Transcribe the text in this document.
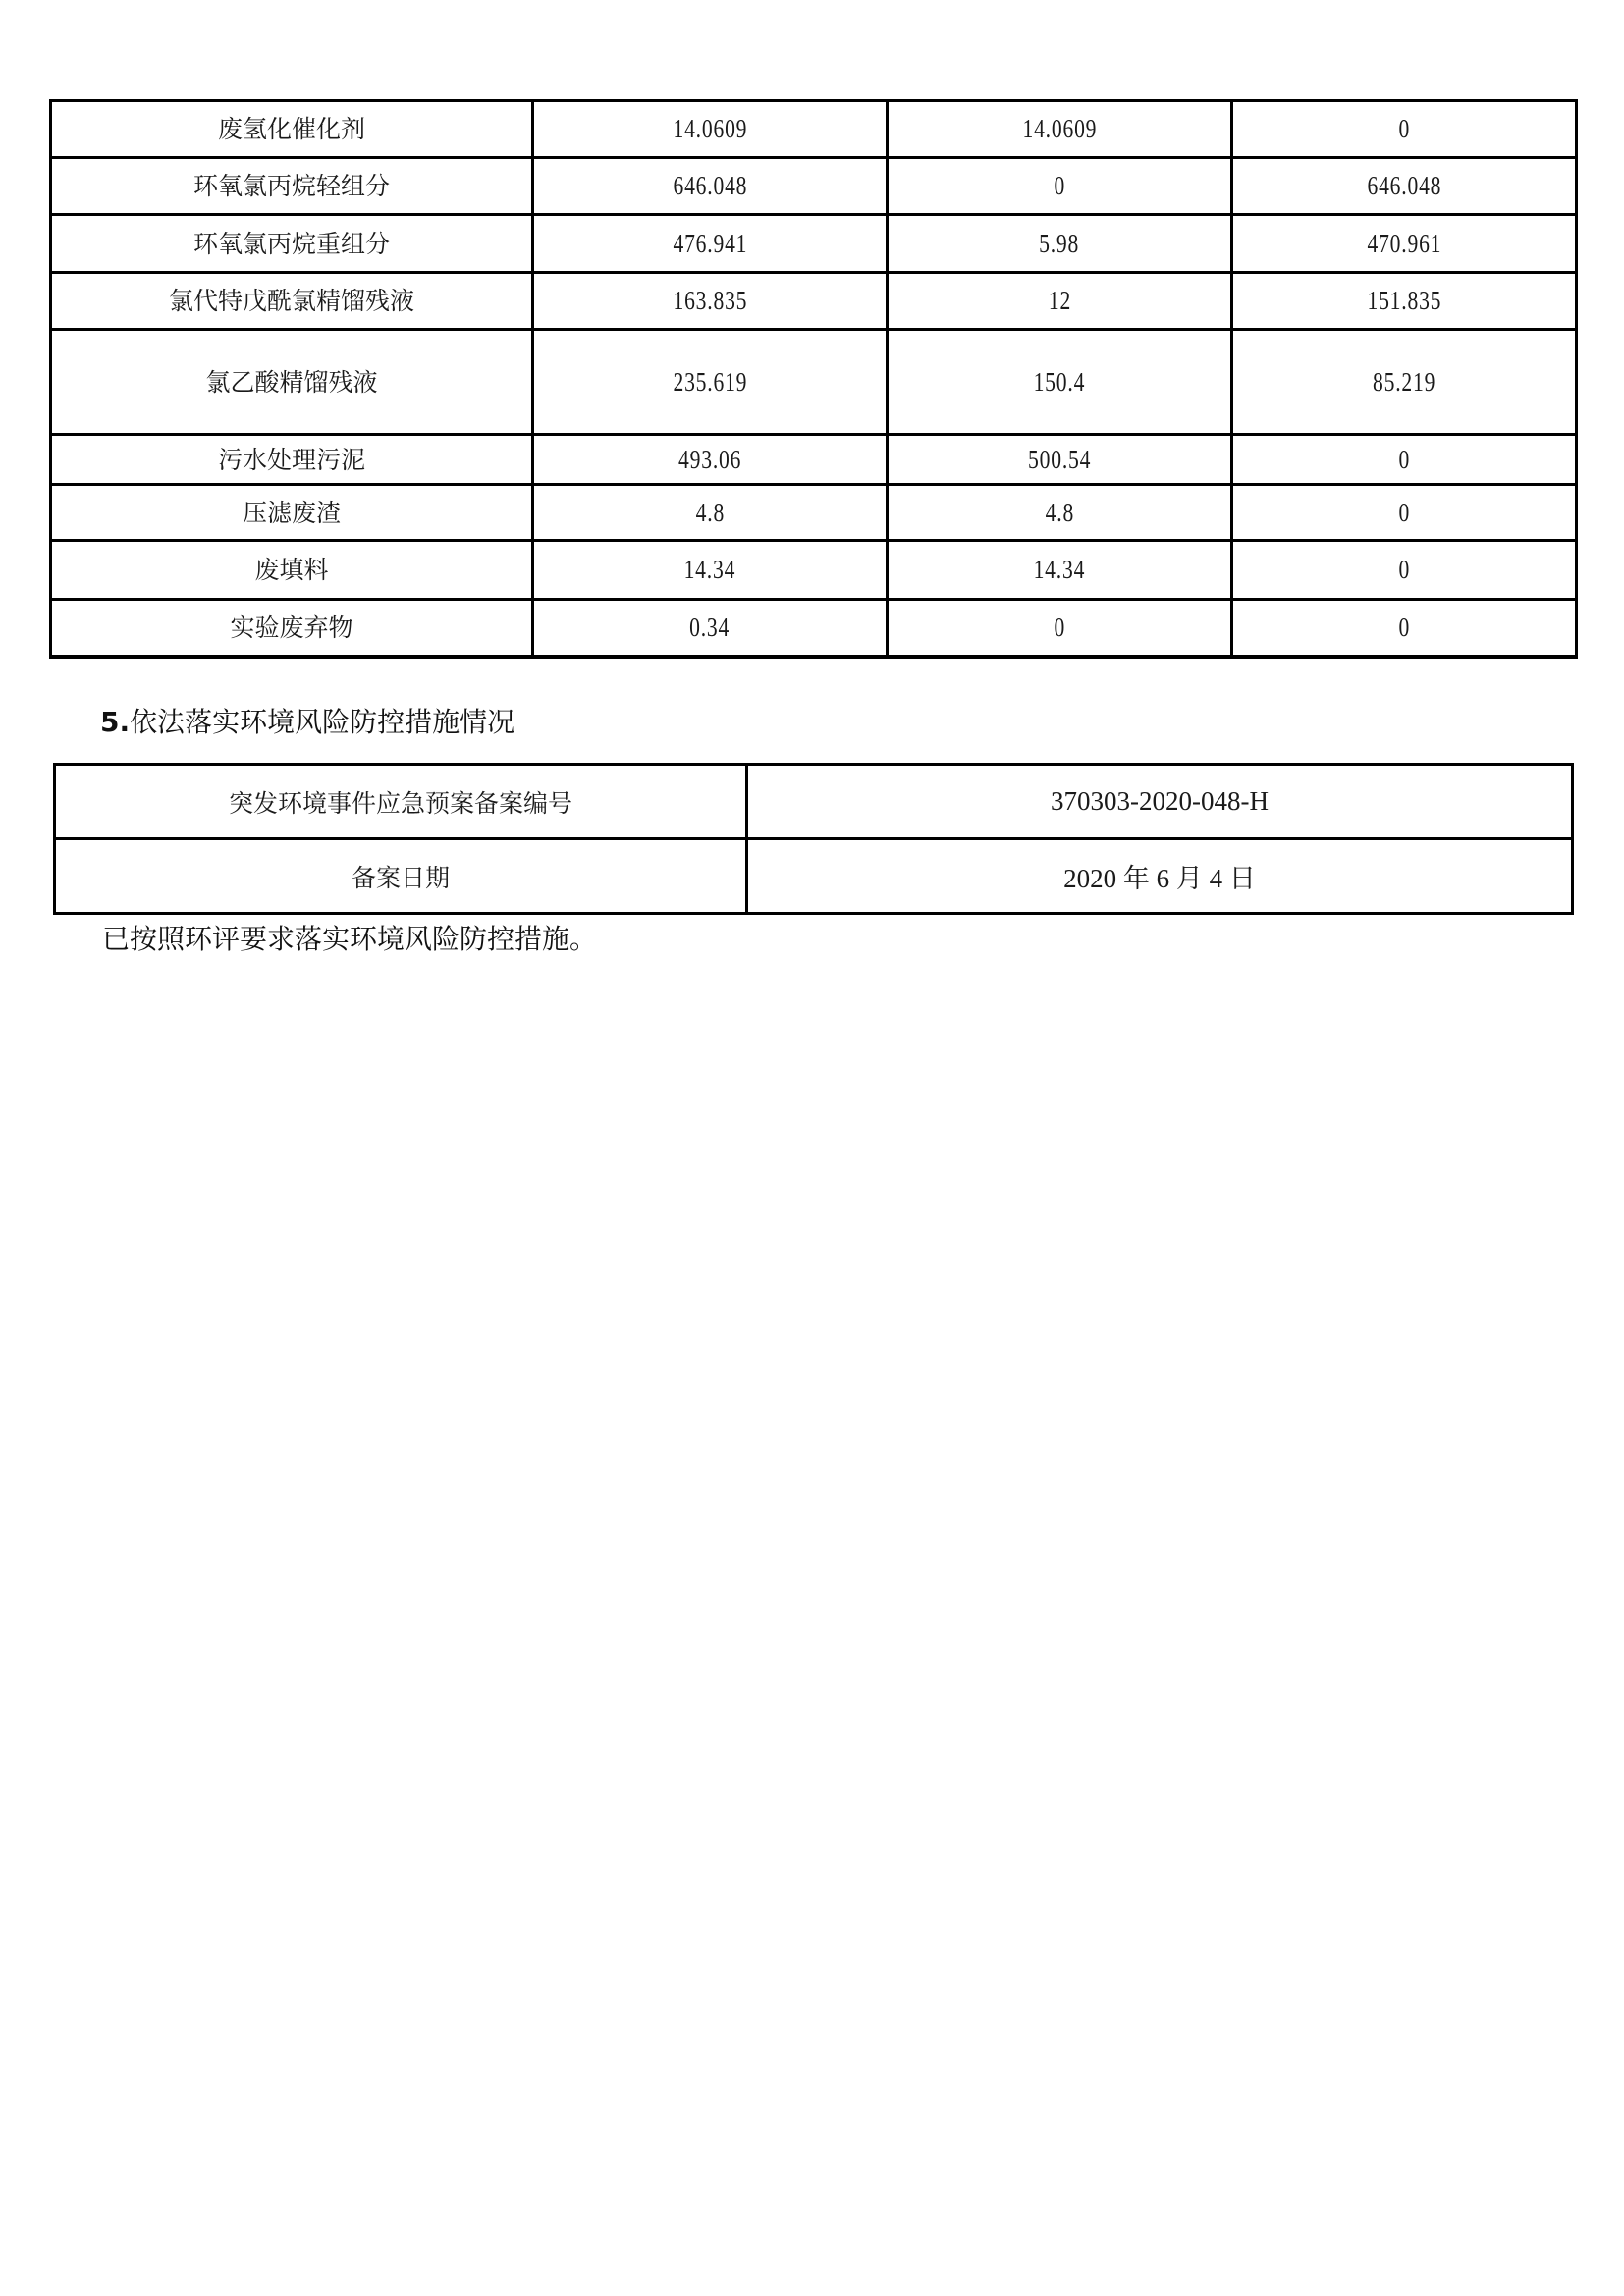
废氢化催化剂	14.0609	14.0609	0
环氧氯丙烷轻组分	646.048	0	646.048
环氧氯丙烷重组分	476.941	5.98	470.961
氯代特戊酰氯精馏残液	163.835	12	151.835
氯乙酸精馏残液	235.619	150.4	85.219
污水处理污泥	493.06	500.54	0
压滤废渣	4.8	4.8	0
废填料	14.34	14.34	0
实验废弃物	0.34	0	0
5.依法落实环境风险防控措施情况
突发环境事件应急预案备案编号	370303-2020-048-H
备案日期	2020 年 6 月 4 日
已按照环评要求落实环境风险防控措施。
